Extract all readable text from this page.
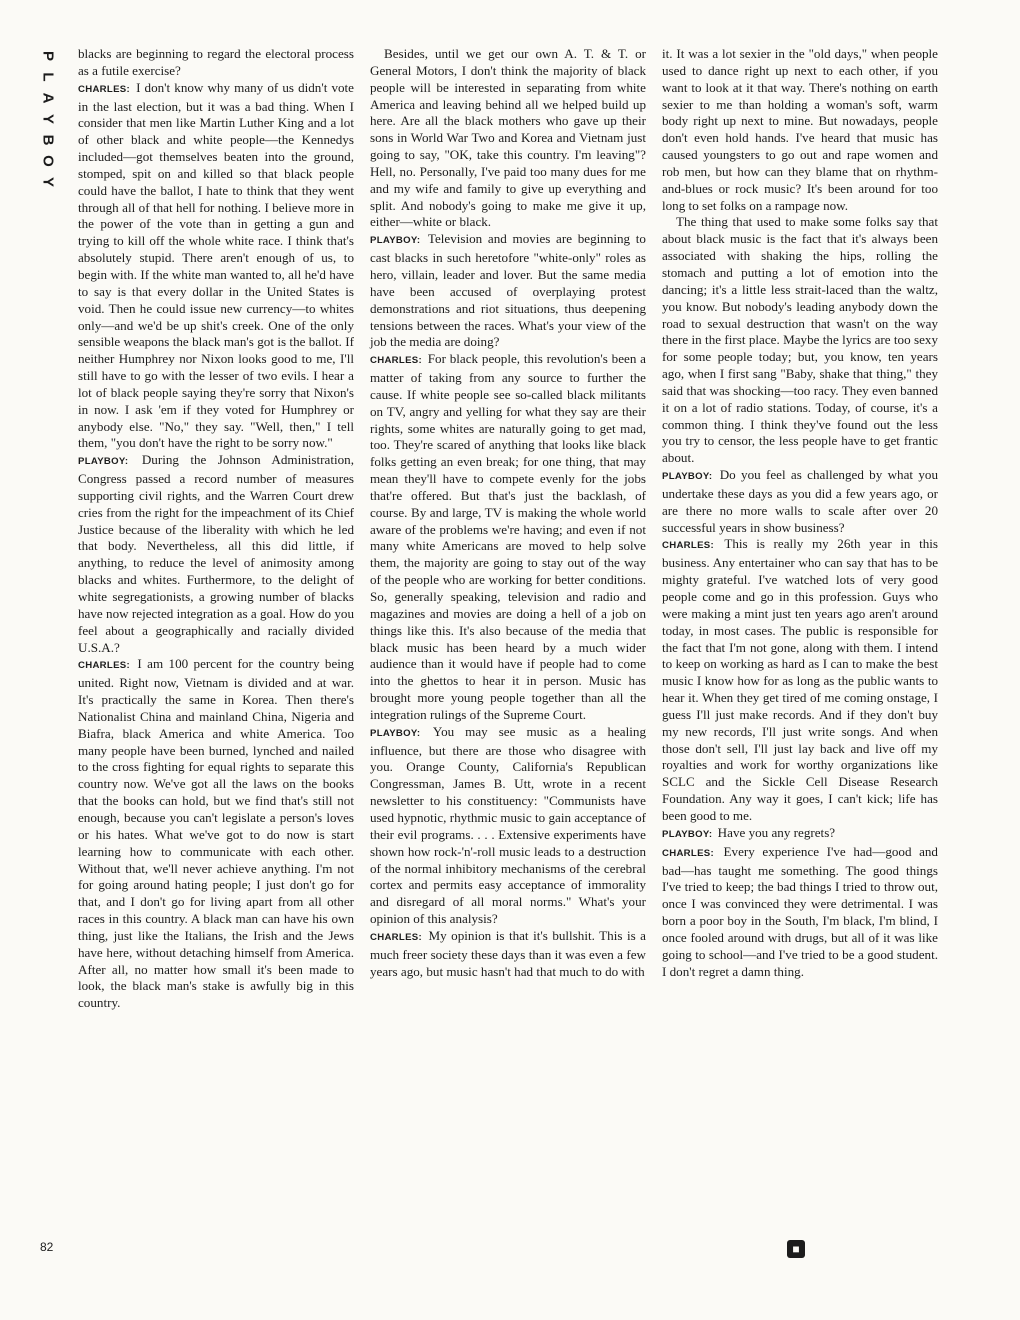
P
L
A
Y
B
O
Y

blacks are beginning to regard the electoral process as a futile exercise?

CHARLES: I don't know why many of us didn't vote in the last election, but it was a bad thing. When I consider that men like Martin Luther King and a lot of other black and white people—the Kennedys included—got themselves beaten into the ground, stomped, spit on and killed so that black people could have the ballot, I hate to think that they went through all of that hell for nothing. I believe more in the power of the vote than in getting a gun and trying to kill off the whole white race. I think that's absolutely stupid. There aren't enough of us, to begin with. If the white man wanted to, all he'd have to say is that every dollar in the United States is void. Then he could issue new currency—to whites only—and we'd be up shit's creek. One of the only sensible weapons the black man's got is the ballot. If neither Humphrey nor Nixon looks good to me, I'll still have to go with the lesser of two evils. I hear a lot of black people saying they're sorry that Nixon's in now. I ask 'em if they voted for Humphrey or anybody else. "No," they say. "Well, then," I tell them, "you don't have the right to be sorry now."

PLAYBOY: During the Johnson Administration, Congress passed a record number of measures supporting civil rights, and the Warren Court drew cries from the right for the impeachment of its Chief Justice because of the liberality with which he led that body. Nevertheless, all this did little, if anything, to reduce the level of animosity among blacks and whites. Furthermore, to the delight of white segregationists, a growing number of blacks have now rejected integration as a goal. How do you feel about a geographically and racially divided U.S.A.?

CHARLES: I am 100 percent for the country being united. Right now, Vietnam is divided and at war. It's practically the same in Korea. Then there's Nationalist China and mainland China, Nigeria and Biafra, black America and white America. Too many people have been burned, lynched and nailed to the cross fighting for equal rights to separate this country now. We've got all the laws on the books that the books can hold, but we find that's still not enough, because you can't legislate a person's loves or his hates. What we've got to do now is start learning how to communicate with each other. Without that, we'll never achieve anything. I'm not for going around hating people; I just don't go for that, and I don't go for living apart from all other races in this country. A black man can have his own thing, just like the Italians, the Irish and the Jews have here, without detaching himself from America. After all, no matter how small it's been made to look, the black man's stake is awfully big in this country.

Besides, until we get our own A. T. & T. or General Motors, I don't think the majority of black people will be interested in separating from white America and leaving behind all we helped build up here. Are all the black mothers who gave up their sons in World War Two and Korea and Vietnam just going to say, "OK, take this country. I'm leaving"? Hell, no. Personally, I've paid too many dues for me and my wife and family to give up everything and split. And nobody's going to make me give it up, either—white or black.

PLAYBOY: Television and movies are beginning to cast blacks in such heretofore "white-only" roles as hero, villain, leader and lover. But the same media have been accused of overplaying protest demonstrations and riot situations, thus deepening tensions between the races. What's your view of the job the media are doing?

CHARLES: For black people, this revolution's been a matter of taking from any source to further the cause. If white people see so-called black militants on TV, angry and yelling for what they say are their rights, some whites are naturally going to get mad, too. They're scared of anything that looks like black folks getting an even break; for one thing, that may mean they'll have to compete evenly for the jobs that're offered. But that's just the backlash, of course. By and large, TV is making the whole world aware of the problems we're having; and even if not many white Americans are moved to help solve them, the majority are going to stay out of the way of the people who are working for better conditions. So, generally speaking, television and radio and magazines and movies are doing a hell of a job on things like this. It's also because of the media that black music has been heard by a much wider audience than it would have if people had to come into the ghettos to hear it in person. Music has brought more young people together than all the integration rulings of the Supreme Court.

PLAYBOY: You may see music as a healing influence, but there are those who disagree with you. Orange County, California's Republican Congressman, James B. Utt, wrote in a recent newsletter to his constituency: "Communists have used hypnotic, rhythmic music to gain acceptance of their evil programs. . . . Extensive experiments have shown how rock-'n'-roll music leads to a destruction of the normal inhibitory mechanisms of the cerebral cortex and permits easy acceptance of immorality and disregard of all moral norms." What's your opinion of this analysis?

CHARLES: My opinion is that it's bullshit. This is a much freer society these days than it was even a few years ago, but music hasn't had that much to do with

it. It was a lot sexier in the "old days," when people used to dance right up next to each other, if you want to look at it that way. There's nothing on earth sexier to me than holding a woman's soft, warm body right up next to mine. But nowadays, people don't even hold hands. I've heard that music has caused youngsters to go out and rape women and rob men, but how can they blame that on rhythm-and-blues or rock music? It's been around for too long to set folks on a rampage now.

The thing that used to make some folks say that about black music is the fact that it's always been associated with shaking the hips, rolling the stomach and putting a lot of emotion into the dancing; it's a little less strait-laced than the waltz, you know. But nobody's leading anybody down the road to sexual destruction that wasn't on the way there in the first place. Maybe the lyrics are too sexy for some people today; but, you know, ten years ago, when I first sang "Baby, shake that thing," they said that was shocking—too racy. They even banned it on a lot of radio stations. Today, of course, it's a common thing. I think they've found out the less you try to censor, the less people have to get frantic about.

PLAYBOY: Do you feel as challenged by what you undertake these days as you did a few years ago, or are there no more walls to scale after over 20 successful years in show business?

CHARLES: This is really my 26th year in this business. Any entertainer who can say that has to be mighty grateful. I've watched lots of very good people come and go in this profession. Guys who were making a mint just ten years ago aren't around today, in most cases. The public is responsible for the fact that I'm not gone, along with them. I intend to keep on working as hard as I can to make the best music I know how for as long as the public wants to hear it. When they get tired of me coming onstage, I guess I'll just make records. And if they don't buy my new records, I'll just write songs. And when those don't sell, I'll just lay back and live off my royalties and work for worthy organizations like SCLC and the Sickle Cell Disease Research Foundation. Any way it goes, I can't kick; life has been good to me.

PLAYBOY: Have you any regrets?

CHARLES: Every experience I've had—good and bad—has taught me something. The good things I've tried to keep; the bad things I tried to throw out, once I was convinced they were detrimental. I was born a poor boy in the South, I'm black, I'm blind, I once fooled around with drugs, but all of it was like going to school—and I've tried to be a good student. I don't regret a damn thing.

82	■
